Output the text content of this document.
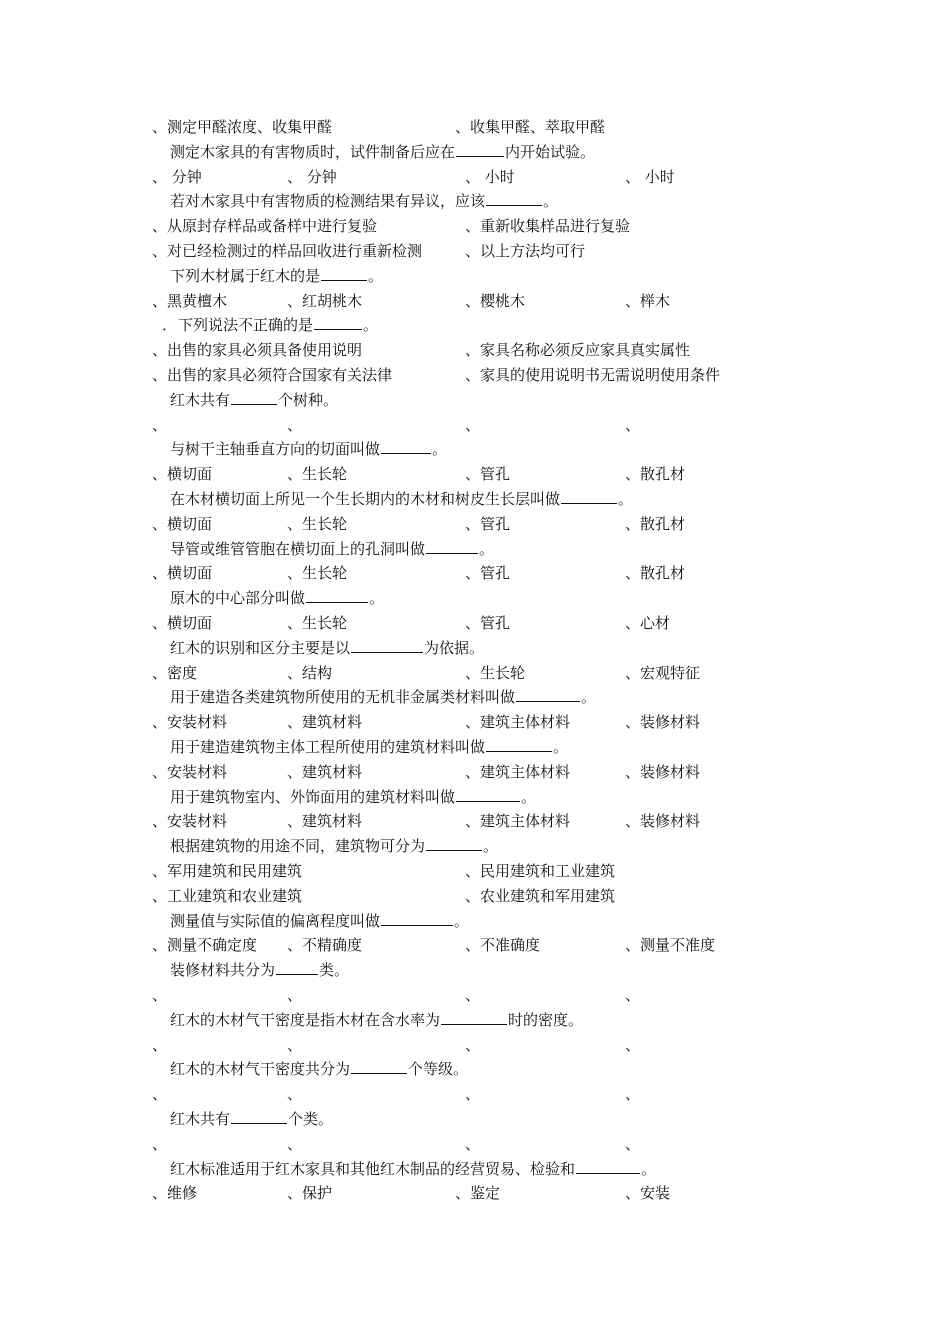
、测定甲醛浓度、收集甲醛	、收集甲醛、萃取甲醛
测定木家具的有害物质时，试件制备后应在	内开始试验。
、 分钟	、 分钟	、 小时	、 小时
若对木家具中有害物质的检测结果有异议，应该	。
、从原封存样品或备样中进行复验	、重新收集样品进行复验
、对已经检测过的样品回收进行重新检测	、以上方法均可行
下列木材属于红木的是	。
、黑黄檀木	、红胡桃木	、樱桃木	、榉木
． 下列说法不正确的是	。
、出售的家具必须具备使用说明	、家具名称必须反应家具真实属性
、出售的家具必须符合国家有关法律	、家具的使用说明书无需说明使用条件
红木共有	个树种。
、	、	、	、
与树干主轴垂直方向的切面叫做	。
、横切面	、生长轮	、管孔	、散孔材
在木材横切面上所见一个生长期内的木材和树皮生长层叫做	。
、横切面	、生长轮	、管孔	、散孔材
导管或维管管胞在横切面上的孔洞叫做	。
、横切面	、生长轮	、管孔	、散孔材
原木的中心部分叫做	。
、横切面	、生长轮	、管孔	、心材
红木的识别和区分主要是以	为依据。
、密度	、结构	、生长轮	、宏观特征
用于建造各类建筑物所使用的无机非金属类材料叫做	。
、安装材料	、建筑材料	、建筑主体材料	、装修材料
用于建造建筑物主体工程所使用的建筑材料叫做	。
、安装材料	、建筑材料	、建筑主体材料	、装修材料
用于建筑物室内、外饰面用的建筑材料叫做	。
、安装材料	、建筑材料	、建筑主体材料	、装修材料
根据建筑物的用途不同，建筑物可分为	。
、军用建筑和民用建筑	、民用建筑和工业建筑
、工业建筑和农业建筑	、农业建筑和军用建筑
测量值与实际值的偏离程度叫做	。
、测量不确定度 、不精确度	、不准确度	、测量不准度
装修材料共分为	类。
、	、	、	、
红木的木材气干密度是指木材在含水率为	时的密度。
、	、	、	、
红木的木材气干密度共分为	个等级。
、	、	、	、
红木共有	个类。
、	、	、	、
红木标准适用于红木家具和其他红木制品的经营贸易、检验和	。
、维修	、保护	、鉴定	、安装
